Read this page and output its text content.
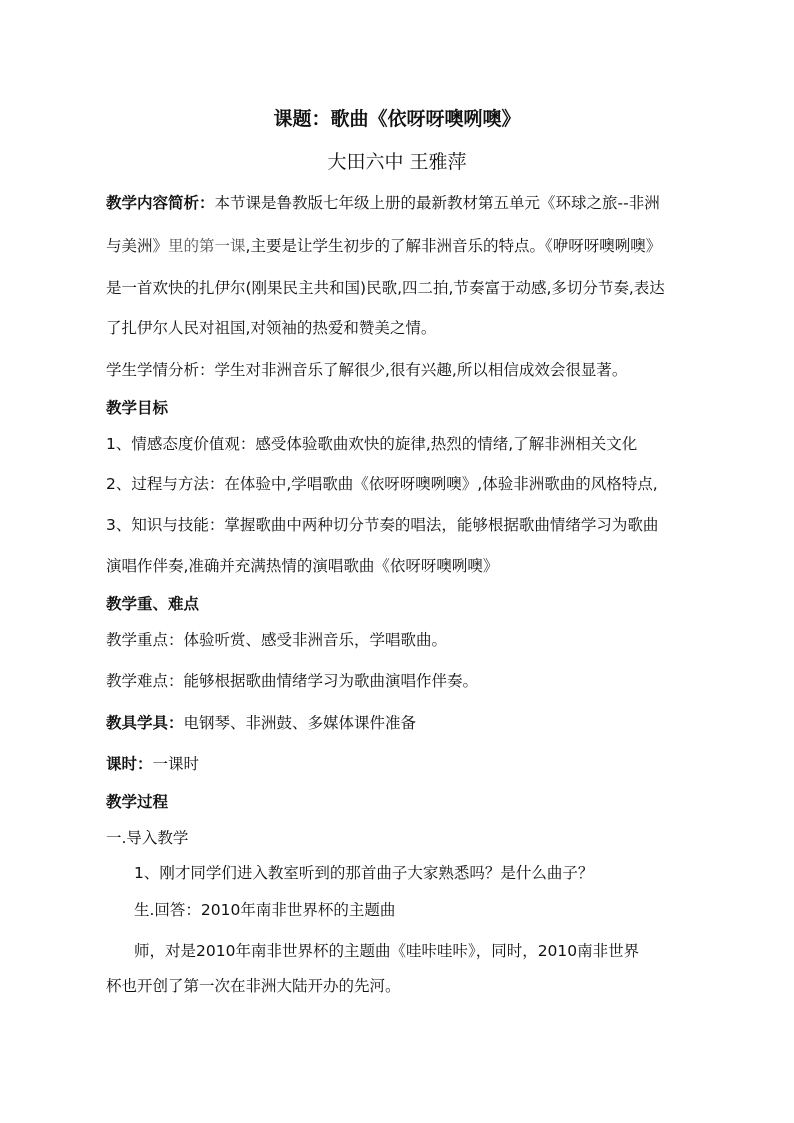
课题：歌曲《依呀呀噢咧噢》
大田六中 王雅萍
教学内容简析：本节课是鲁教版七年级上册的最新教材第五单元《环球之旅--非洲
与美洲》里的第一课,主要是让学生初步的了解非洲音乐的特点。《咿呀呀噢咧噢》
是一首欢快的扎伊尔(刚果民主共和国)民歌,四二拍,节奏富于动感,多切分节奏,表达
了扎伊尔人民对祖国,对领袖的热爱和赞美之情。
学生学情分析：学生对非洲音乐了解很少,很有兴趣,所以相信成效会很显著。
教学目标
1、情感态度价值观：感受体验歌曲欢快的旋律,热烈的情绪,了解非洲相关文化
2、过程与方法：在体验中,学唱歌曲《依呀呀噢咧噢》,体验非洲歌曲的风格特点,
3、知识与技能：掌握歌曲中两种切分节奏的唱法，能够根据歌曲情绪学习为歌曲
演唱作伴奏,准确并充满热情的演唱歌曲《依呀呀噢咧噢》
教学重、难点
教学重点：体验听赏、感受非洲音乐，学唱歌曲。
教学难点：能够根据歌曲情绪学习为歌曲演唱作伴奏。
教具学具：电钢琴、非洲鼓、多媒体课件准备
课时：一课时
教学过程
一.导入教学
1、刚才同学们进入教室听到的那首曲子大家熟悉吗？是什么曲子？
生.回答：2010年南非世界杯的主题曲
师，对是2010年南非世界杯的主题曲《哇咔哇咔》，同时，2010南非世界
杯也开创了第一次在非洲大陆开办的先河。
